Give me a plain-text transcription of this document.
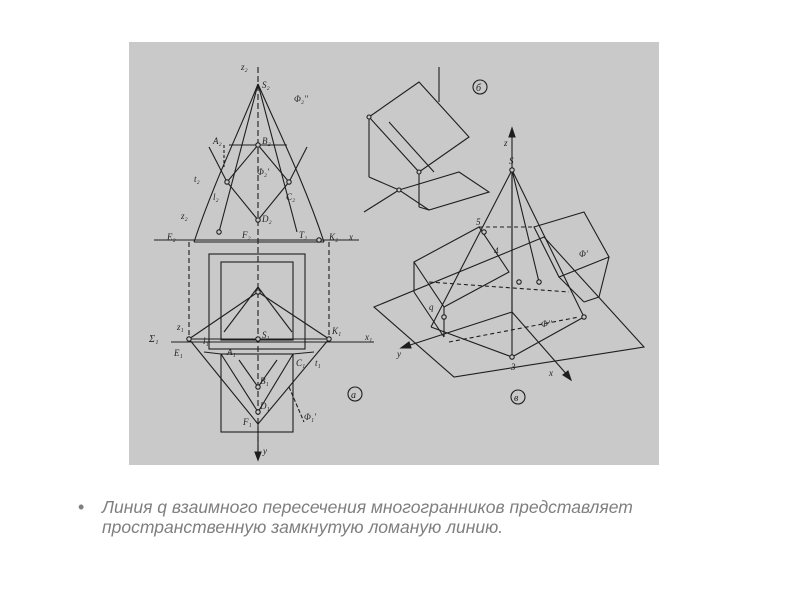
а
б
в
z₂
S₂
Φ₂′′
A₂	B₂
Φ₂′
t₂
l₂	C₂
z₂
E₂	F₂
D₂
T₂ K₂ x
Σ₁
z₁
S₁
E₁
l₁
A₁
K₁
x₁
B₁
C₁ t₁
D₁
F₁	Φ₁′
y
z
S
5
4	Φ′
q
Φ′′
y
3
x
• Линия q взаимного пересечения многогранников представляет пространственную замкнутую ломаную линию.
